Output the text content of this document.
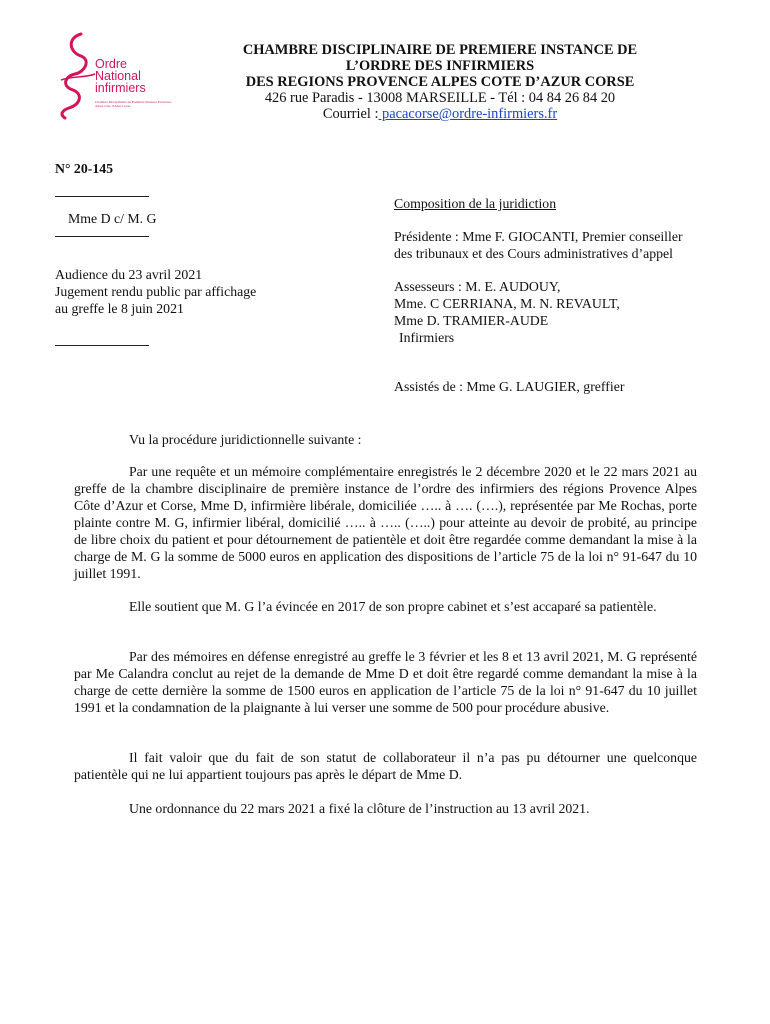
Ordre
National
infirmiers
Chambre Disciplinaire de Première Instance Provence-Alpes-Côte d'Azur Corse
CHAMBRE DISCIPLINAIRE DE PREMIERE INSTANCE DE
L’ORDRE DES INFIRMIERS
DES REGIONS PROVENCE ALPES COTE D’AZUR CORSE
426 rue Paradis - 13008 MARSEILLE - Tél : 04 84 26 84 20
Courriel : pacacorse@ordre-infirmiers.fr
N° 20-145
Mme D c/ M. G
Audience du 23 avril 2021
Jugement rendu public par affichage
au greffe le 8 juin 2021
Composition de la juridiction
Présidente : Mme F. GIOCANTI, Premier conseiller
des tribunaux et des Cours administratives d’appel
Assesseurs : M. E. AUDOUY,
Mme. C CERRIANA, M. N. REVAULT,
Mme D. TRAMIER-AUDE
Infirmiers
Assistés de : Mme G. LAUGIER, greffier
Vu la procédure juridictionnelle suivante :

Par une requête et un mémoire complémentaire enregistrés le 2 décembre 2020 et le 22 mars 2021 au greffe de la chambre disciplinaire de première instance de l’ordre des infirmiers des régions Provence Alpes Côte d’Azur et Corse, Mme D, infirmière libérale, domiciliée ….. à …. (….), représentée par Me Rochas, porte plainte contre M. G, infirmier libéral, domicilié ….. à ….. (…..) pour atteinte au devoir de probité, au principe de libre choix du patient et pour détournement de patientèle et doit être regardée comme demandant la mise à la charge de M. G la somme de 5000 euros en application des dispositions de l’article 75 de la loi n° 91-647 du 10 juillet 1991.

Elle soutient que M. G l’a évincée en 2017 de son propre cabinet et s’est accaparé sa patientèle.

Par des mémoires en défense enregistré au greffe le 3 février et les 8 et 13 avril 2021, M. G représenté par Me Calandra conclut au rejet de la demande de Mme D et doit être regardé comme demandant la mise à la charge de cette dernière la somme de 1500 euros en application de l’article 75 de la loi n° 91-647 du 10 juillet 1991 et la condamnation de la plaignante à lui verser une somme de 500 pour procédure abusive.

Il fait valoir que du fait de son statut de collaborateur il n’a pas pu détourner une quelconque patientèle qui ne lui appartient toujours pas après le départ de Mme D.

Une ordonnance du 22 mars 2021 a fixé la clôture de l’instruction au 13 avril 2021.
